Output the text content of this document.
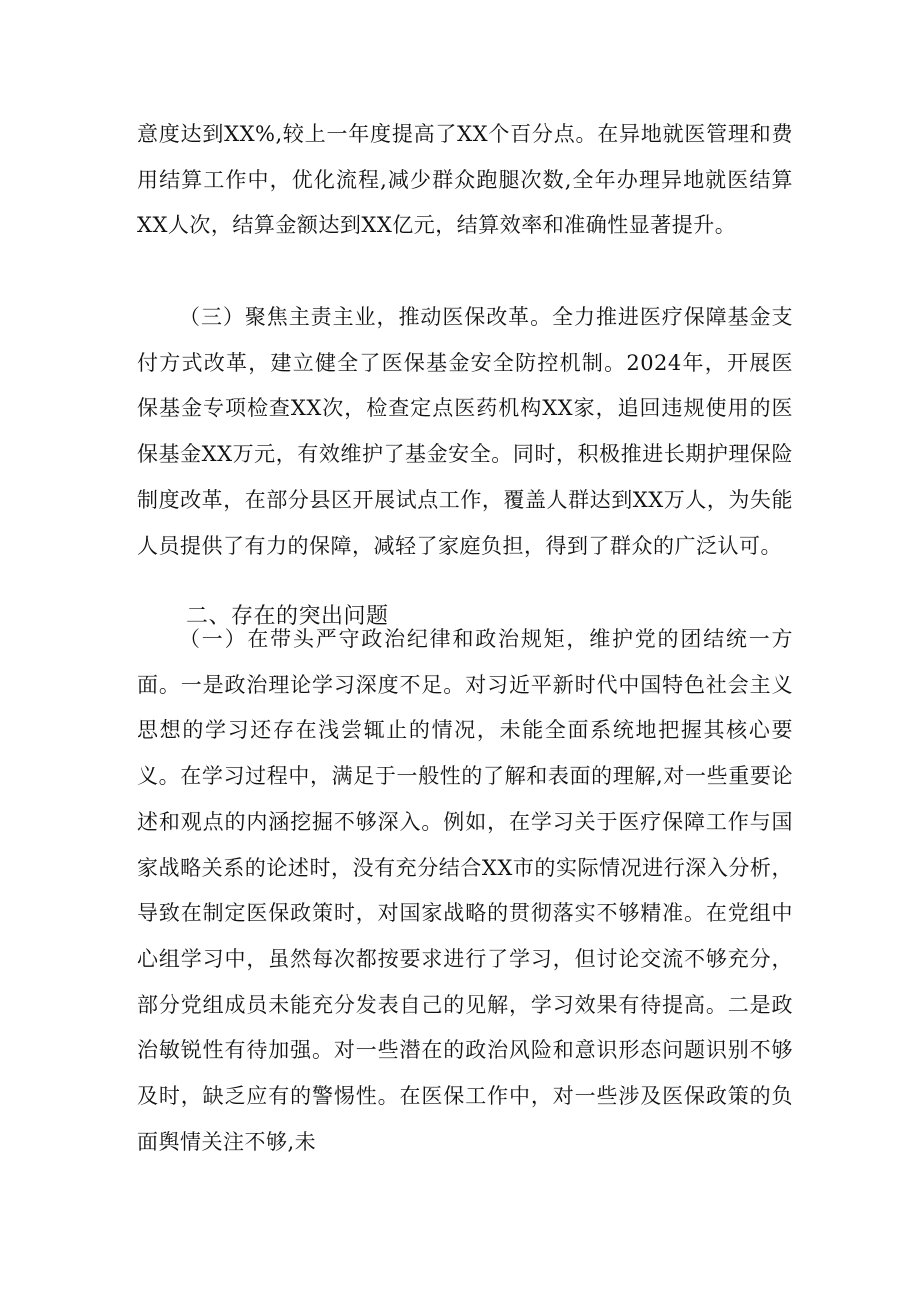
意度达到XX%,较上一年度提高了XX个百分点。在异地就医管理和费用结算工作中，优化流程,减少群众跑腿次数,全年办理异地就医结算XX人次，结算金额达到XX亿元，结算效率和准确性显著提升。

（三）聚焦主责主业，推动医保改革。全力推进医疗保障基金支付方式改革，建立健全了医保基金安全防控机制。2024年，开展医保基金专项检查XX次，检查定点医药机构XX家，追回违规使用的医保基金XX万元，有效维护了基金安全。同时，积极推进长期护理保险制度改革，在部分县区开展试点工作，覆盖人群达到XX万人，为失能人员提供了有力的保障，减轻了家庭负担，得到了群众的广泛认可。

二、存在的突出问题

（一）在带头严守政治纪律和政治规矩，维护党的团结统一方面。一是政治理论学习深度不足。对习近平新时代中国特色社会主义思想的学习还存在浅尝辄止的情况，未能全面系统地把握其核心要义。在学习过程中，满足于一般性的了解和表面的理解,对一些重要论述和观点的内涵挖掘不够深入。例如，在学习关于医疗保障工作与国家战略关系的论述时，没有充分结合XX市的实际情况进行深入分析，导致在制定医保政策时，对国家战略的贯彻落实不够精准。在党组中心组学习中，虽然每次都按要求进行了学习，但讨论交流不够充分，部分党组成员未能充分发表自己的见解，学习效果有待提高。二是政治敏锐性有待加强。对一些潜在的政治风险和意识形态问题识别不够及时，缺乏应有的警惕性。在医保工作中，对一些涉及医保政策的负面舆情关注不够,未
